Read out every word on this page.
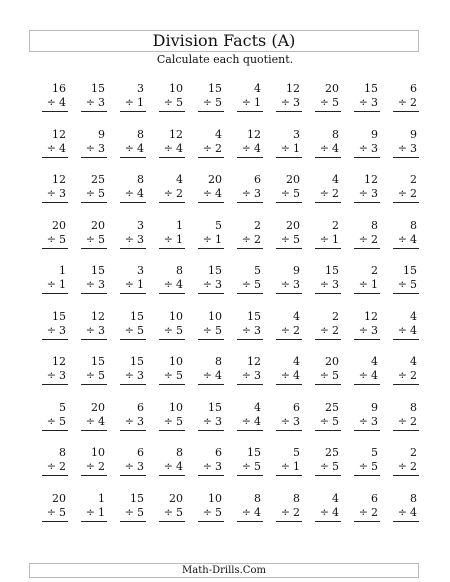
Division Facts (A)
Calculate each quotient.
16
÷ 4
15
÷ 3
3
÷ 1
10
÷ 5
15
÷ 5
4
÷ 1
12
÷ 3
20
÷ 5
15
÷ 3
6
÷ 2
12
÷ 4
9
÷ 3
8
÷ 4
12
÷ 4
4
÷ 2
12
÷ 4
3
÷ 1
8
÷ 4
9
÷ 3
9
÷ 3
12
÷ 3
25
÷ 5
8
÷ 4
4
÷ 2
20
÷ 4
6
÷ 3
20
÷ 5
4
÷ 2
12
÷ 3
2
÷ 2
20
÷ 5
20
÷ 5
3
÷ 3
1
÷ 1
5
÷ 1
2
÷ 2
20
÷ 5
2
÷ 1
8
÷ 2
8
÷ 4
1
÷ 1
15
÷ 3
3
÷ 1
8
÷ 4
15
÷ 3
5
÷ 5
9
÷ 3
15
÷ 3
2
÷ 1
15
÷ 5
15
÷ 3
12
÷ 3
15
÷ 5
10
÷ 5
10
÷ 5
15
÷ 3
4
÷ 2
2
÷ 2
12
÷ 3
4
÷ 4
12
÷ 3
15
÷ 5
15
÷ 3
10
÷ 5
8
÷ 4
12
÷ 3
4
÷ 4
20
÷ 5
4
÷ 4
4
÷ 2
5
÷ 5
20
÷ 4
6
÷ 3
10
÷ 5
15
÷ 3
4
÷ 4
6
÷ 3
25
÷ 5
9
÷ 3
8
÷ 2
8
÷ 2
10
÷ 2
6
÷ 3
8
÷ 4
6
÷ 3
15
÷ 5
5
÷ 1
25
÷ 5
5
÷ 5
2
÷ 2
20
÷ 5
1
÷ 1
15
÷ 5
20
÷ 5
10
÷ 5
8
÷ 4
8
÷ 2
4
÷ 4
6
÷ 2
8
÷ 4
Math-Drills.Com
